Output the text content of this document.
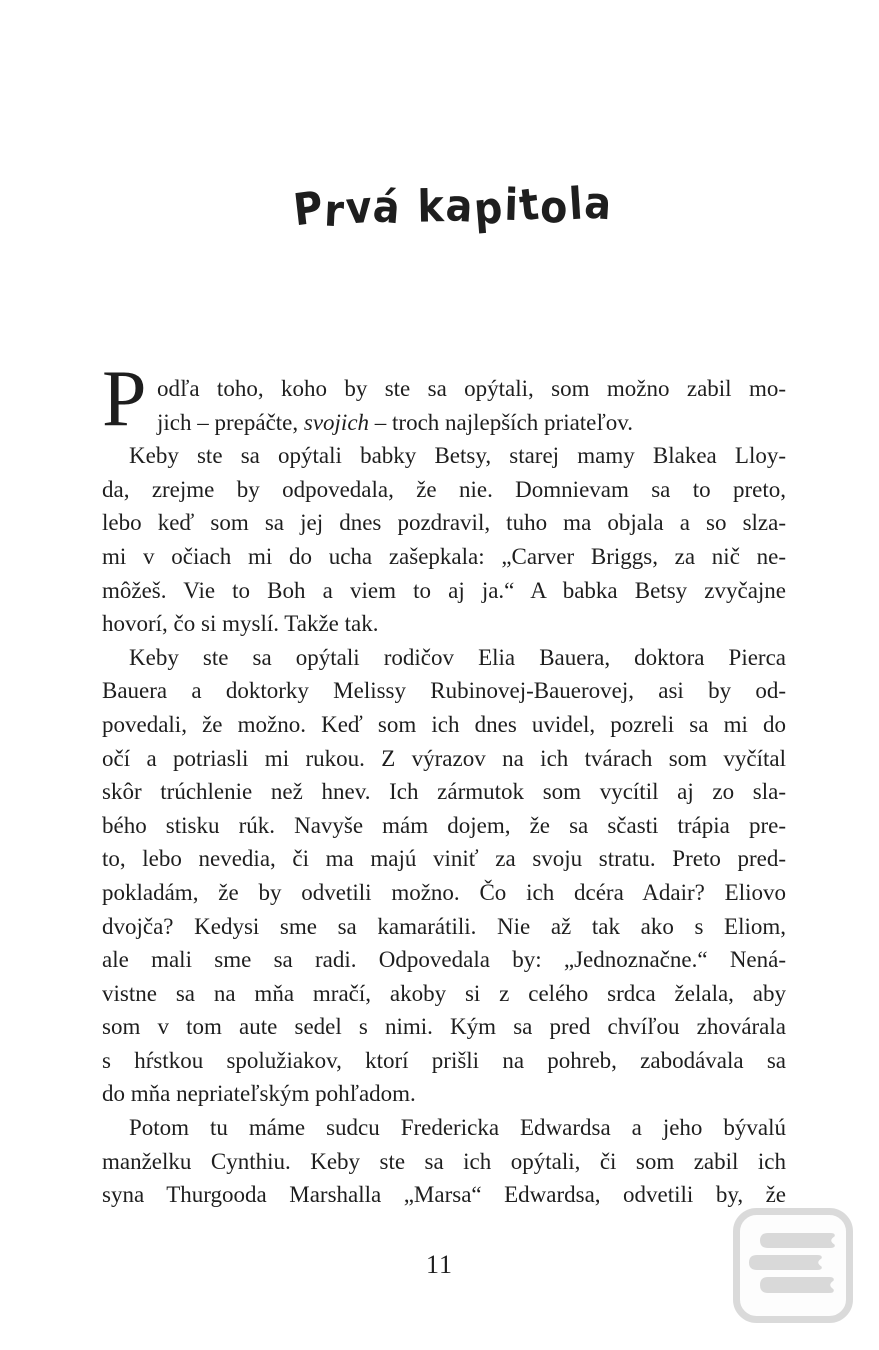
Prvá kapitola
P odľa toho, koho by ste sa opýtali, som možno zabil mo-
jich – prepáčte, svojich – troch najlepších priateľov.
Keby ste sa opýtali babky Betsy, starej mamy Blakea Lloy-
da, zrejme by odpovedala, že nie. Domnievam sa to preto,
lebo keď som sa jej dnes pozdravil, tuho ma objala a so slza-
mi v očiach mi do ucha zašepkala: „Carver Briggs, za nič ne-
môžeš. Vie to Boh a viem to aj ja.“ A babka Betsy zvyčajne
hovorí, čo si myslí. Takže tak.
Keby ste sa opýtali rodičov Elia Bauera, doktora Pierca
Bauera a doktorky Melissy Rubinovej-Bauerovej, asi by od-
povedali, že možno. Keď som ich dnes uvidel, pozreli sa mi do
očí a potriasli mi rukou. Z výrazov na ich tvárach som vyčítal
skôr trúchlenie než hnev. Ich zármutok som vycítil aj zo sla-
bého stisku rúk. Navyše mám dojem, že sa sčasti trápia pre-
to, lebo nevedia, či ma majú viniť za svoju stratu. Preto pred-
pokladám, že by odvetili možno. Čo ich dcéra Adair? Eliovo
dvojča? Kedysi sme sa kamarátili. Nie až tak ako s Eliom,
ale mali sme sa radi. Odpovedala by: „Jednoznačne.“ Nená-
vistne sa na mňa mračí, akoby si z celého srdca želala, aby
som v tom aute sedel s nimi. Kým sa pred chvíľou zhovárala
s hŕstkou spolužiakov, ktorí prišli na pohreb, zabodávala sa
do mňa nepriateľským pohľadom.
Potom tu máme sudcu Fredericka Edwardsa a jeho bývalú
manželku Cynthiu. Keby ste sa ich opýtali, či som zabil ich
syna Thurgooda Marshalla „Marsa“ Edwardsa, odvetili by, že
11
